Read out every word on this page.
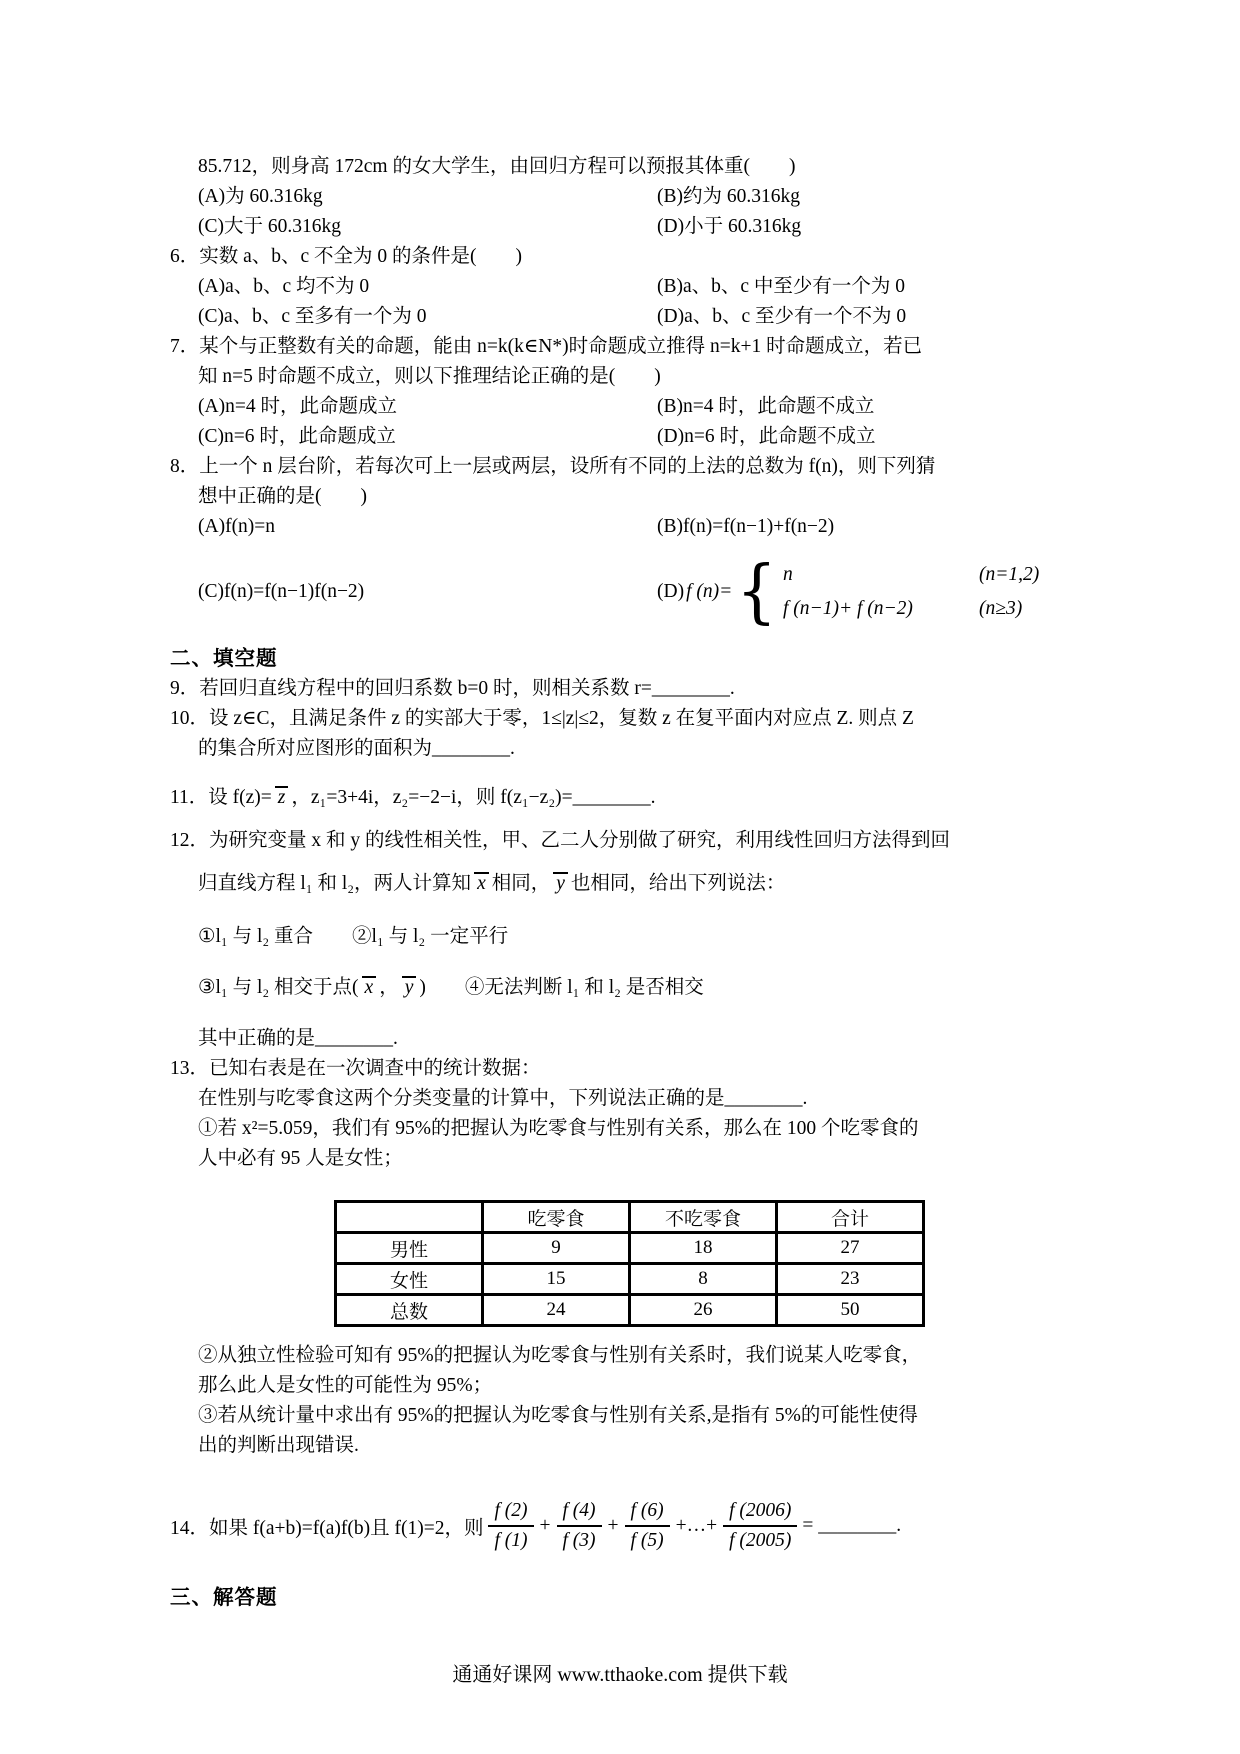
85.712，则身高 172cm 的女大学生，由回归方程可以预报其体重(　　)
(A)为 60.316kg	(B)约为 60.316kg
(C)大于 60.316kg	(D)小于 60.316kg
6．实数 a、b、c 不全为 0 的条件是(　　)
(A)a、b、c 均不为 0	(B)a、b、c 中至少有一个为 0
(C)a、b、c 至多有一个为 0	(D)a、b、c 至少有一个不为 0
7．某个与正整数有关的命题，能由 n=k(k∈N*)时命题成立推得 n=k+1 时命题成立，若已
知 n=5 时命题不成立，则以下推理结论正确的是(　　)
(A)n=4 时，此命题成立	(B)n=4 时，此命题不成立
(C)n=6 时，此命题成立	(D)n=6 时，此命题不成立
8．上一个 n 层台阶，若每次可上一层或两层，设所有不同的上法的总数为 f(n)，则下列猜
想中正确的是(　　)
(A)f(n)=n	(B)f(n)=f(n−1)+f(n−2)
(C)f(n)=f(n−1)f(n−2)	(D) f (n)= { n	(n=1,2)
f (n−1)+ f (n−2)	(n≥3)
二、填空题
9．若回归直线方程中的回归系数 b=0 时，则相关系数 r=________.
10．设 z∈C，且满足条件 z 的实部大于零，1≤|z|≤2，复数 z 在复平面内对应点 Z. 则点 Z
的集合所对应图形的面积为________.
11．设 f(z)= z ，z₁=3+4i，z₂=−2−i，则 f(z₁−z₂)=________.
12．为研究变量 x 和 y 的线性相关性，甲、乙二人分别做了研究，利用线性回归方法得到回
归直线方程 l₁ 和 l₂，两人计算知 x 相同， y 也相同，给出下列说法：
①l₁ 与 l₂ 重合　　②l₁ 与 l₂ 一定平行
③l₁ 与 l₂ 相交于点( x ， y )　　④无法判断 l₁ 和 l₂ 是否相交
其中正确的是________.
13．已知右表是在一次调查中的统计数据：
在性别与吃零食这两个分类变量的计算中，下列说法正确的是________.
①若 x²=5.059，我们有 95%的把握认为吃零食与性别有关系，那么在 100 个吃零食的
人中必有 95 人是女性；
	吃零食	不吃零食	合计
男性	9	18	27
女性	15	8	23
总数	24	26	50
②从独立性检验可知有 95%的把握认为吃零食与性别有关系时，我们说某人吃零食，
那么此人是女性的可能性为 95%；
③若从统计量中求出有 95%的把握认为吃零食与性别有关系,是指有 5%的可能性使得
出的判断出现错误.
14．如果 f(a+b)=f(a)f(b)且 f(1)=2，则 $\frac{f (2)}{f (1)} + \frac{f (4)}{f (3)} + \frac{f (6)}{f (5)}$ +…+ $\frac{f (2006)}{f (2005)}$ = ________.
三、解答题
通通好课网 www.tthaoke.com 提供下载
